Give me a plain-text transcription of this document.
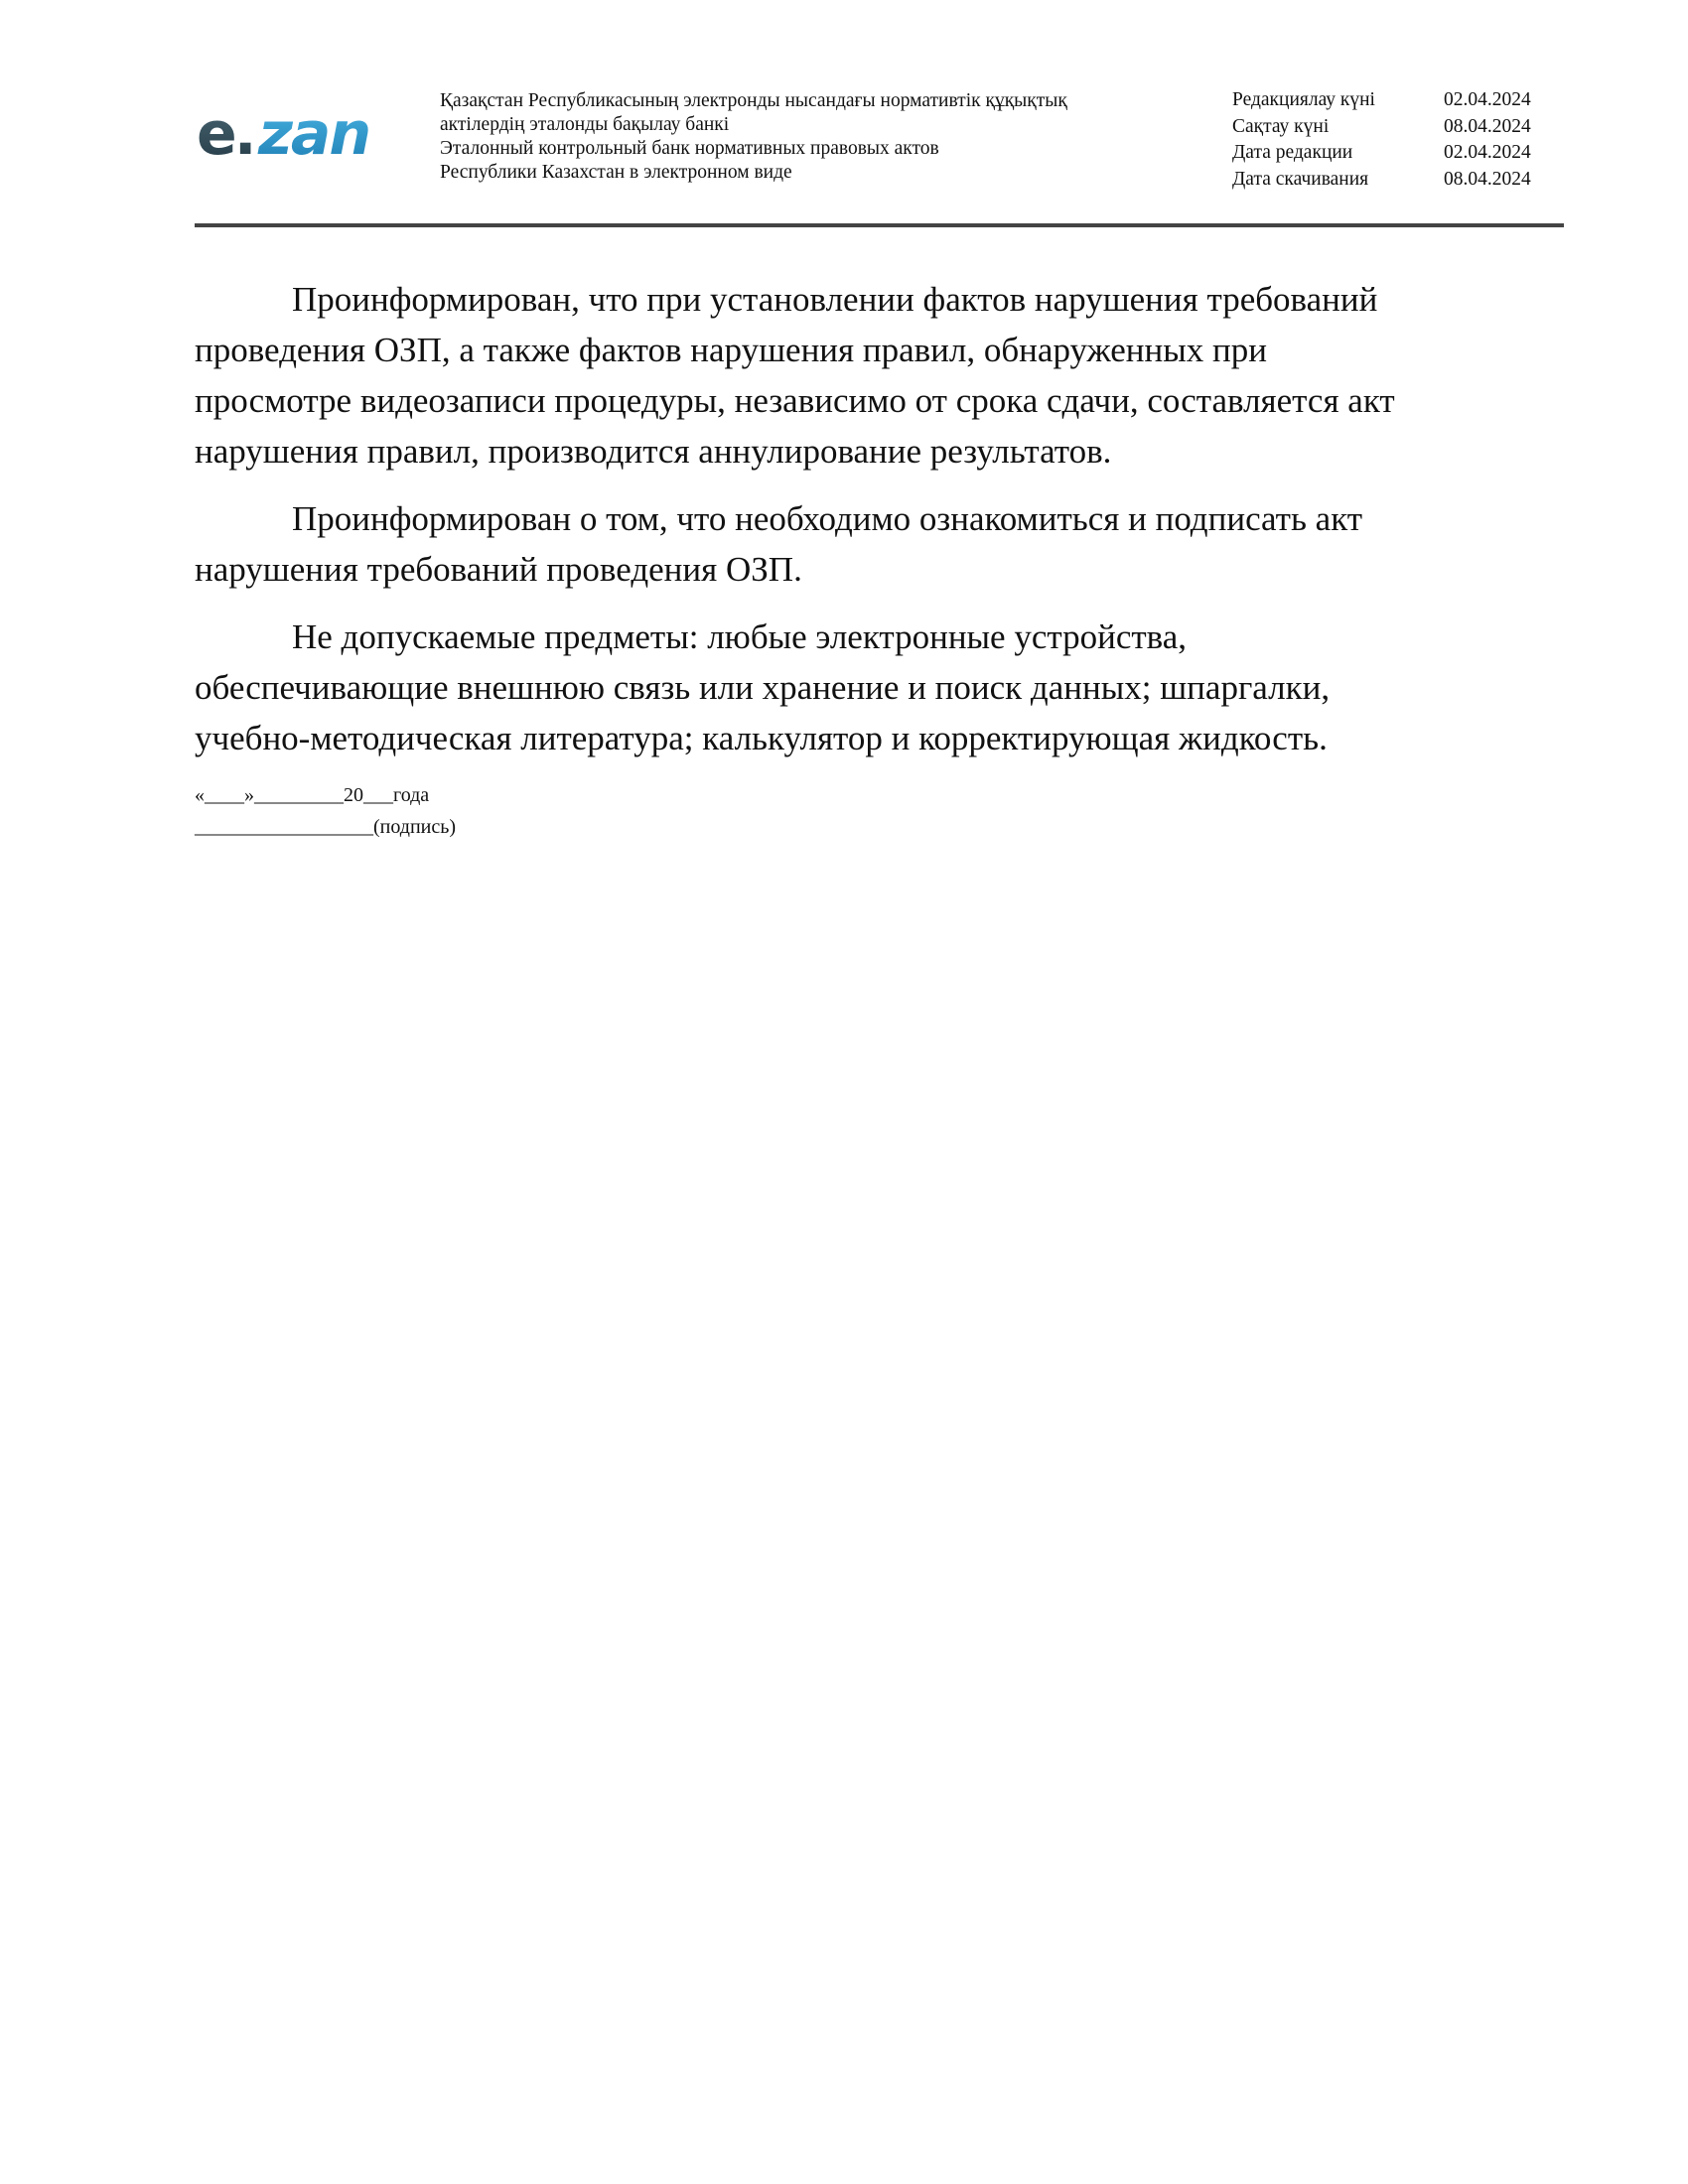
e. zan	Қазақстан Республикасының электронды нысандағы нормативтік құқықтық
актілердің эталонды бақылау банкі
Эталонный контрольный банк нормативных правовых актов
Республики Казахстан в электронном виде
Редакциялау күні	02.04.2024
Сақтау күні	08.04.2024
Дата редакции	02.04.2024
Дата скачивания	08.04.2024

Проинформирован, что при установлении фактов нарушения требований
проведения ОЗП, а также фактов нарушения правил, обнаруженных при
просмотре видеозаписи процедуры, независимо от срока сдачи, составляется акт
нарушения правил, производится аннулирование результатов.

Проинформирован о том, что необходимо ознакомиться и подписать акт
нарушения требований проведения ОЗП.

Не допускаемые предметы: любые электронные устройства,
обеспечивающие внешнюю связь или хранение и поиск данных; шпаргалки,
учебно-методическая литература; калькулятор и корректирующая жидкость.

«____»_________20___года
__________________(подпись)
